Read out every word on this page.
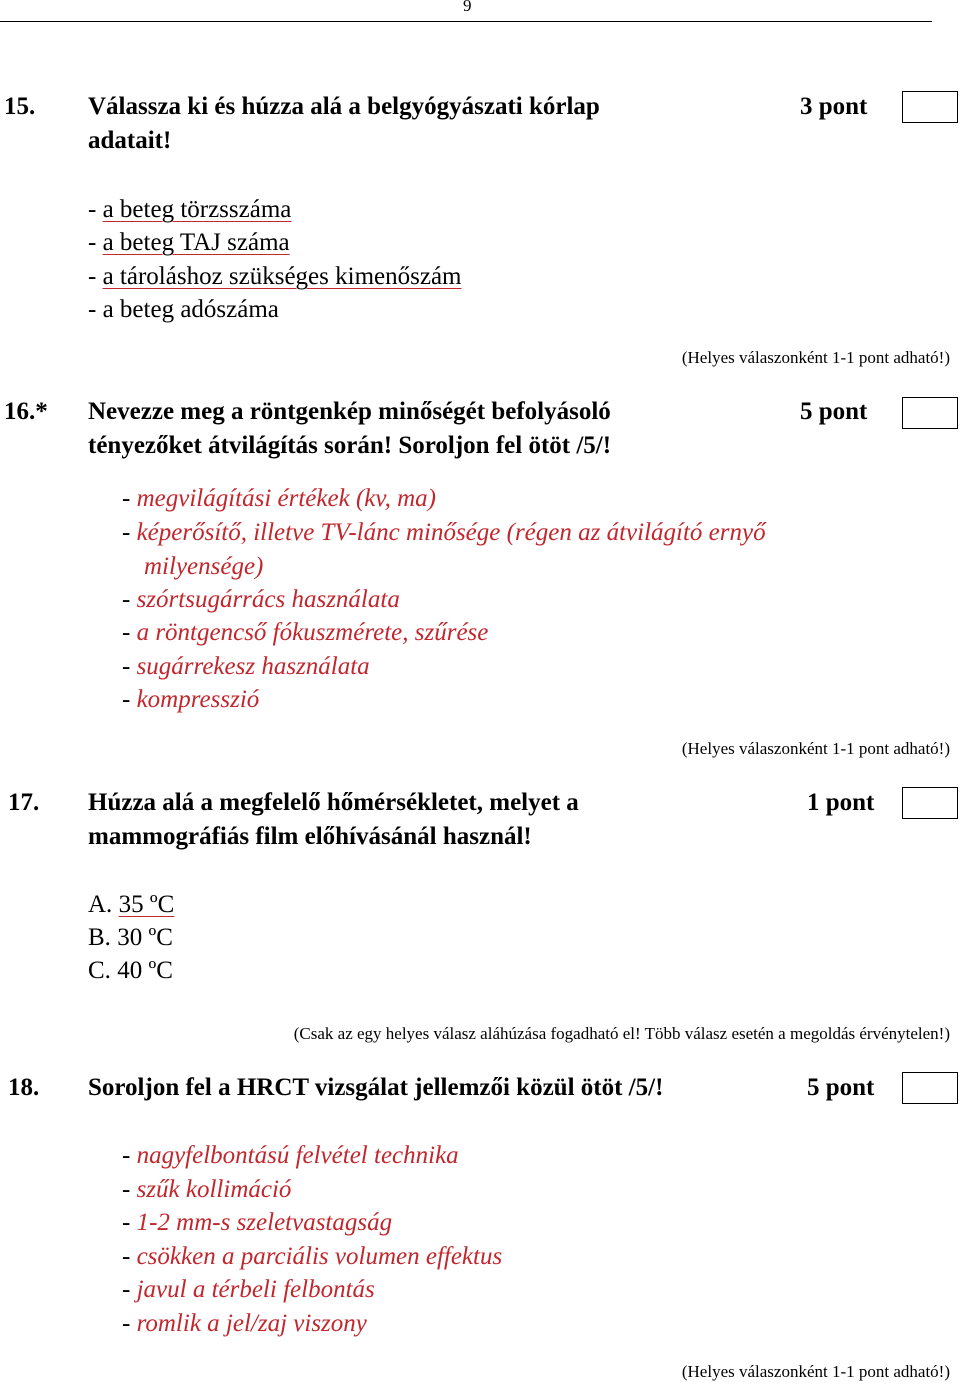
9
15. Válassza ki és húzza alá a belgyógyászati kórlap
adatait!
3 pont
- a beteg törzsszáma
- a beteg TAJ száma
- a tároláshoz szükséges kimenőszám
- a beteg adószáma
(Helyes válaszonként 1-1 pont adható!)
16.* Nevezze meg a röntgenkép minőségét befolyásoló
tényezőket átvilágítás során! Soroljon fel ötöt /5/!
5 pont
- megvilágítási értékek (kv, ma)
- képerősítő, illetve TV-lánc minősége (régen az átvilágító ernyő
milyensége)
- szórtsugárrács használata
- a röntgencső fókuszmérete, szűrése
- sugárrekesz használata
- kompresszió
(Helyes válaszonként 1-1 pont adható!)
17. Húzza alá a megfelelő hőmérsékletet, melyet a
mammográfiás film előhívásánál használ!
1 pont
A. 35 ºC
B. 30 ºC
C. 40 ºC
(Csak az egy helyes válasz aláhúzása fogadható el! Több válasz esetén a megoldás érvénytelen!)
18. Soroljon fel a HRCT vizsgálat jellemzői közül ötöt /5/!	5 pont
- nagyfelbontású felvétel technika
- szűk kollimáció
- 1-2 mm-s szeletvastagság
- csökken a parciális volumen effektus
- javul a térbeli felbontás
- romlik a jel/zaj viszony
(Helyes válaszonként 1-1 pont adható!)
